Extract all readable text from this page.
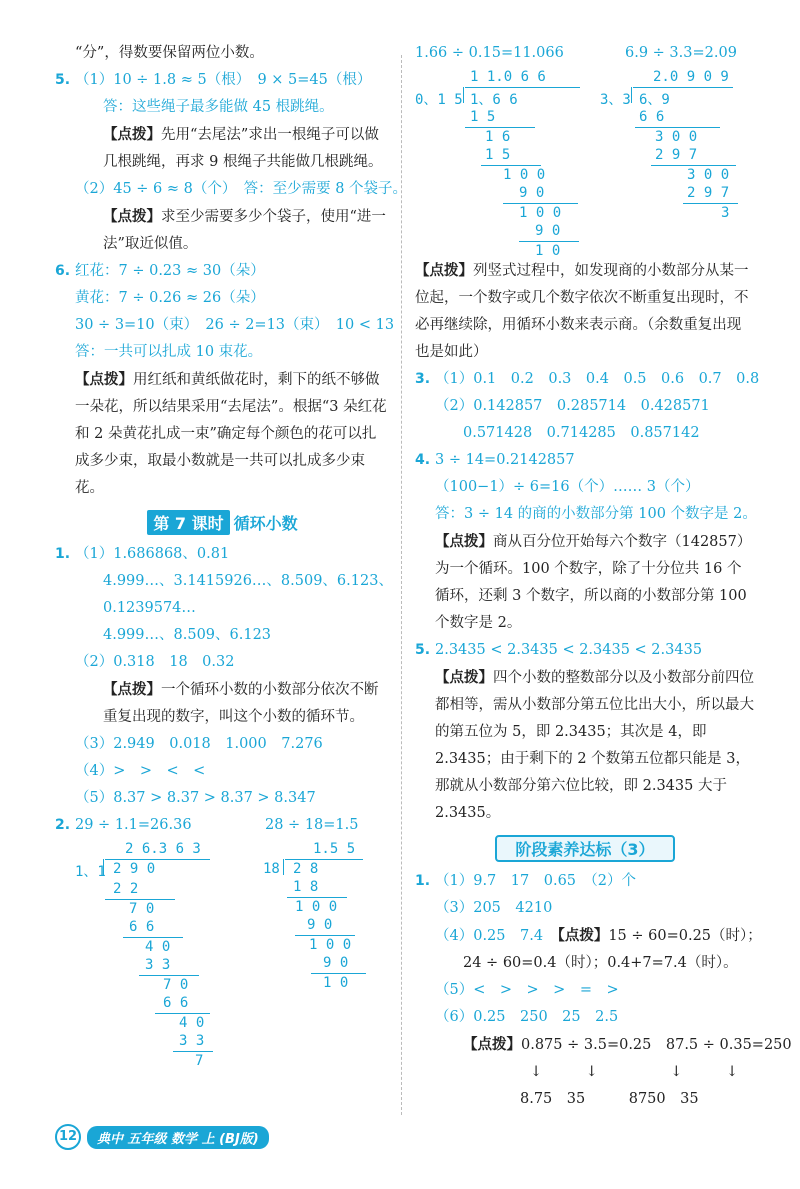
“分”，得数要保留两位小数。

5. （1）10 ÷ 1.8 ≈ 5（根）　9 × 5=45（根）

答：这些绳子最多能做 45 根跳绳。

【点拨】先用“去尾法”求出一根绳子可以做几根跳绳，再求 9 根绳子共能做几根跳绳。

（2）45 ÷ 6 ≈ 8（个）　答：至少需要 8 个袋子。

【点拨】求至少需要多少个袋子，使用“进一法”取近似值。

6. 红花：7 ÷ 0.23 ≈ 30（朵）

黄花：7 ÷ 0.26 ≈ 26（朵）

30 ÷ 3=10（束）　26 ÷ 2=13（束）　10 < 13

答：一共可以扎成 10 束花。

【点拨】用红纸和黄纸做花时，剩下的纸不够做一朵花，所以结果采用“去尾法”。根据“3 朵红花和 2 朵黄花扎成一束”确定每个颜色的花可以扎成多少束，取最小数就是一共可以扎成多少束花。

第 7 课时 循环小数

1. （1）1.686868、0.81

4.999…、3.1415926…、8.509、6.123、

0.1239574…

4.999…、8.509、6.123

（2）0.318　18　0.32

【点拨】一个循环小数的小数部分依次不断重复出现的数字，叫这个小数的循环节。

（3）2.949　0.018　1.000　7.276

（4）>　>　<　<

（5）8.37 > 8.37 > 8.37 > 8.347

2. 29 ÷ 1.1=26.36	28 ÷ 18=1.5

2 6.3 6 3
1、1 2 9 0
2 2
7 0
6 6
4 0
3 3
7 0
6 6
4 0
3 3
7
1.5 5
18 2 8
1 8
1 0 0
9 0
1 0 0
9 0
1 0

1.66 ÷ 0.15=11.066	6.9 ÷ 3.3=2.09

1 1.0 6 6
0、1 5 1、6 6
1 5
1 6
1 5
1 0 0
9 0
1 0 0
9 0
1 0
2.0 9 0 9
3、3 6、9
6 6
3 0 0
2 9 7
3 0 0
2 9 7
3

【点拨】列竖式过程中，如发现商的小数部分从某一位起，一个数字或几个数字依次不断重复出现时，不必再继续除，用循环小数来表示商。（余数重复出现也是如此）

3. （1）0.1　0.2　0.3　0.4　0.5　0.6　0.7　0.8

（2）0.142857　0.285714　0.428571

0.571428　0.714285　0.857142

4. 3 ÷ 14=0.2142857

（100−1）÷ 6=16（个）…… 3（个）

答：3 ÷ 14 的商的小数部分第 100 个数字是 2。

【点拨】商从百分位开始每六个数字（142857）为一个循环。100 个数字，除了十分位共 16 个循环，还剩 3 个数字，所以商的小数部分第 100 个数字是 2。

5. 2.3435 < 2.3435 < 2.3435 < 2.3435

【点拨】四个小数的整数部分以及小数部分前四位都相等，需从小数部分第五位比出大小，所以最大的第五位为 5，即 2.3435；其次是 4，即 2.3435；由于剩下的 2 个数第五位都只能是 3，那就从小数部分第六位比较，即 2.3435 大于 2.3435。

阶段素养达标（3）

1. （1）9.7　17　0.65　（2）个

（3）205　4210

（4）0.25　7.4　 【点拨】15 ÷ 60=0.25（时）；

24 ÷ 60=0.4（时）；0.4+7=7.4（时）。

（5）<　>　>　>　=　>

（6）0.25　250　25　2.5

【点拨】0.875 ÷ 3.5=0.25　87.5 ÷ 0.35=250

↓　　　↓　　　　　↓　　　↓

8.75　35　　　8750　35

12	典中 五年级 数学 上 (BJ版)
